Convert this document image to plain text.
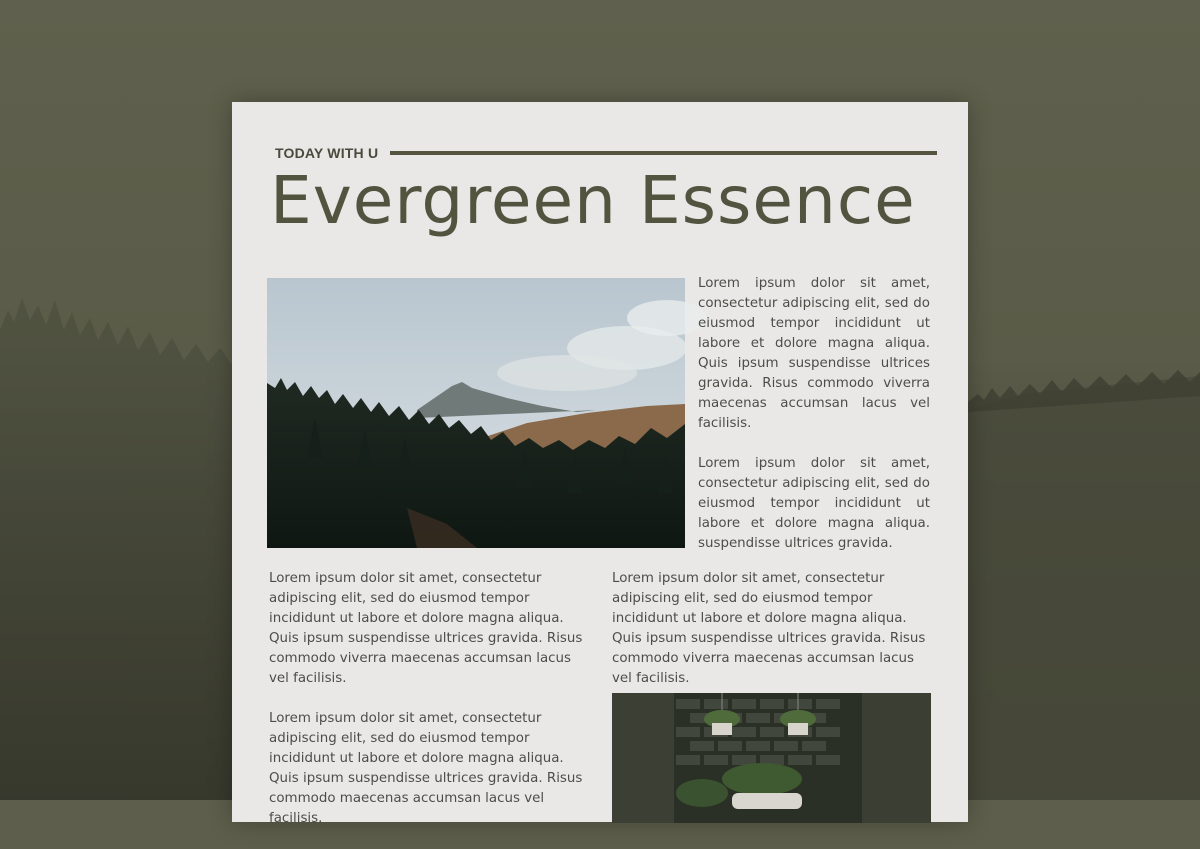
TODAY WITH U
Evergreen Essence

Lorem ipsum dolor sit amet, consectetur adipiscing elit, sed do eiusmod tempor incididunt ut labore et dolore magna aliqua. Quis ipsum suspendisse ultrices gravida. Risus commodo viverra maecenas accumsan lacus vel facilisis.

Lorem ipsum dolor sit amet, consectetur adipiscing elit, sed do eiusmod tempor incididunt ut labore et dolore magna aliqua. suspendisse ultrices gravida.

Lorem ipsum dolor sit amet, consectetur adipiscing elit, sed do eiusmod tempor incididunt ut labore et dolore magna aliqua. Quis ipsum suspendisse ultrices gravida. Risus commodo viverra maecenas accumsan lacus vel facilisis.

Lorem ipsum dolor sit amet, consectetur adipiscing elit, sed do eiusmod tempor incididunt ut labore et dolore magna aliqua. Quis ipsum suspendisse ultrices gravida. Risus commodo maecenas accumsan lacus vel facilisis.

Lorem ipsum dolor sit amet, consectetur adipiscing elit, sed do eiusmod tempor incididunt ut labore et dolore magna aliqua. Quis ipsum suspendisse ultrices gravida. Risus commodo viverra maecenas accumsan lacus vel facilisis.
